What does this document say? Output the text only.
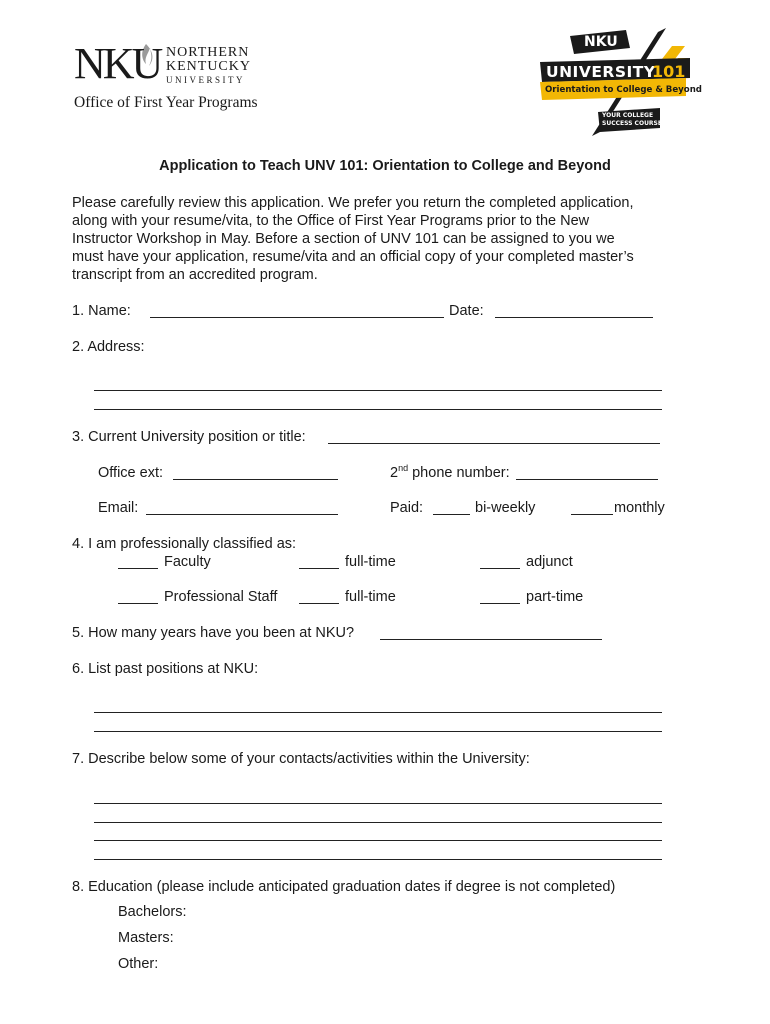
NKU NORTHERN
KENTUCKY
UNIVERSITY
Office of First Year Programs
NKU
UNIVERSITY
101
Orientation to College & Beyond
YOUR COLLEGE
SUCCESS COURSE
Application to Teach UNV 101: Orientation to College and Beyond
Please carefully review this application. We prefer you return the completed application,
along with your resume/vita, to the Office of First Year Programs prior to the New
Instructor Workshop in May. Before a section of UNV 101 can be assigned to you we
must have your application, resume/vita and an official copy of your completed master’s
transcript from an accredited program.
1. Name:	Date:
2. Address:
3. Current University position or title:
Office ext:	2nd phone number:
Email:	Paid:	bi-weekly	monthly
4. I am professionally classified as:
Faculty	full-time	adjunct
Professional Staff	full-time	part-time
5. How many years have you been at NKU?
6. List past positions at NKU:
7. Describe below some of your contacts/activities within the University:
8. Education (please include anticipated graduation dates if degree is not completed)
Bachelors:
Masters:
Other:
